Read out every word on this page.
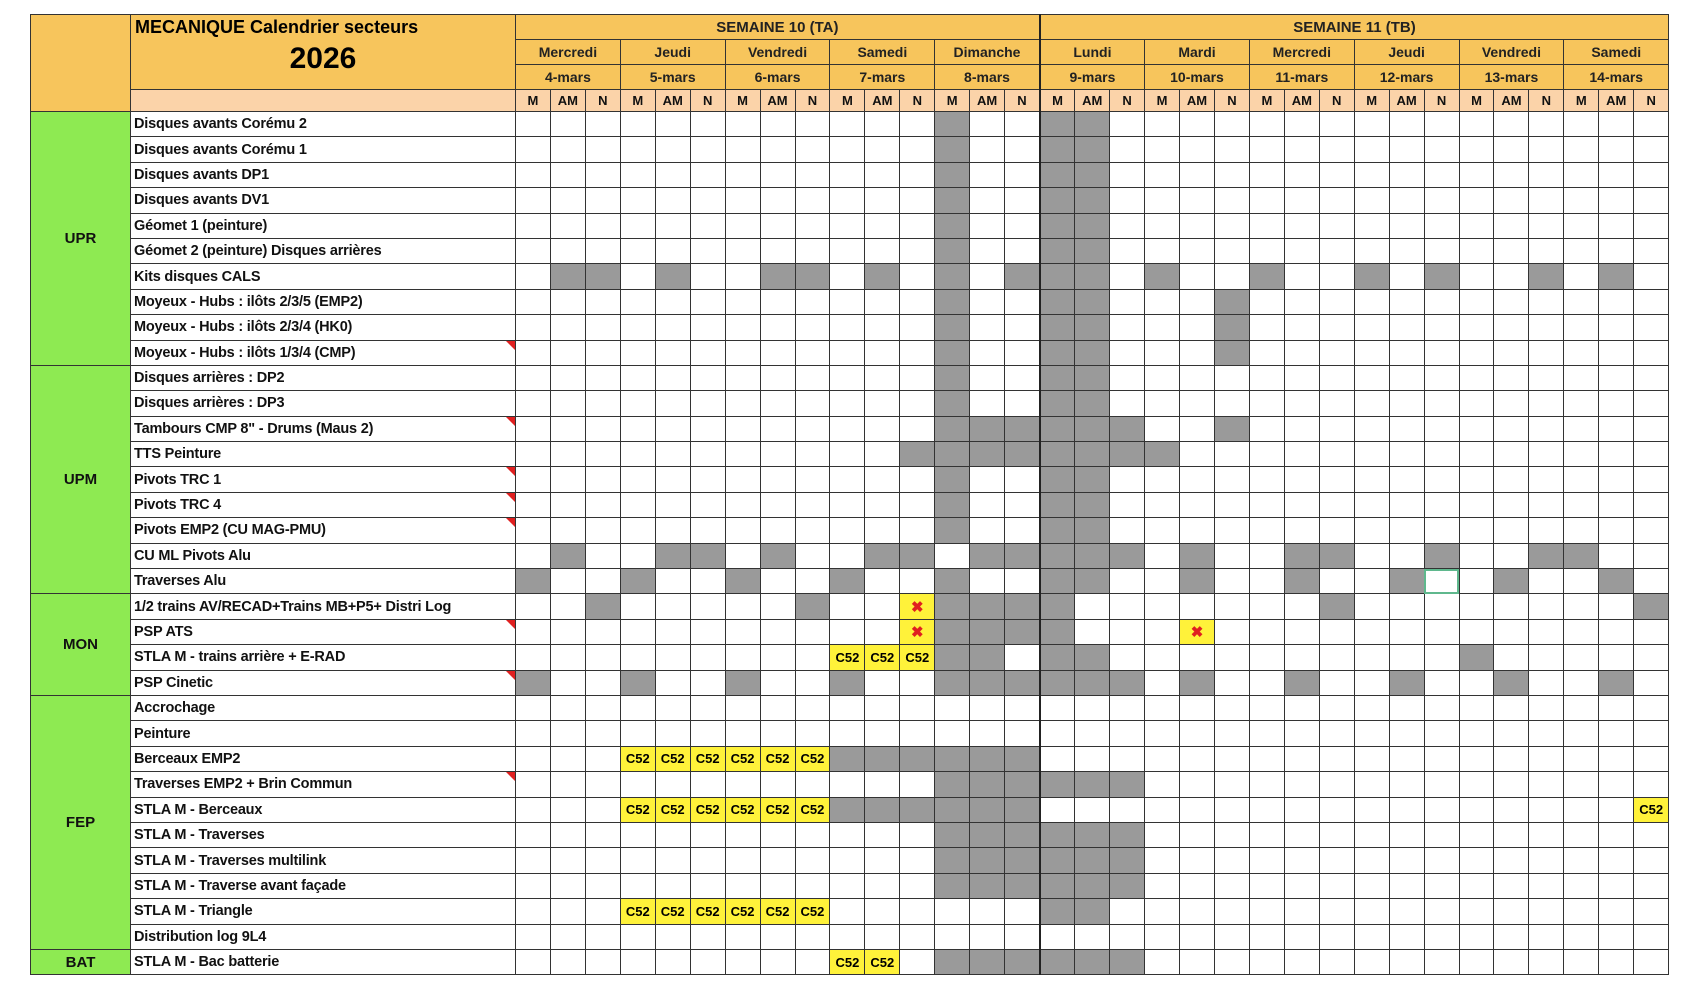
	MECANIQUE Calendrier secteurs
2026	SEMAINE 10 (TA)															SEMAINE 11 (TB)																	
		Mercredi			Jeudi			Vendredi			Samedi			Dimanche			Lundi			Mardi			Mercredi			Jeudi			Vendredi			Samedi		
		4-mars			5-mars			6-mars			7-mars			8-mars			9-mars			10-mars			11-mars			12-mars			13-mars			14-mars		
		M	AM	N	M	AM	N	M	AM	N	M	AM	N	M	AM	N	M	AM	N	M	AM	N	M	AM	N	M	AM	N	M	AM	N	M	AM	N
UPR	Disques avants Corému 2																																	
	Disques avants Corému 1																																	
	Disques avants DP1																																	
	Disques avants DV1																																	
	Géomet 1 (peinture)																																	
	Géomet 2 (peinture) Disques arrières																																	
	Kits disques CALS																																	
	Moyeux - Hubs : ilôts 2/3/5 (EMP2)																																	
	Moyeux - Hubs : ilôts 2/3/4 (HK0)																																	
	Moyeux - Hubs : ilôts 1/3/4 (CMP)																																	
UPM	Disques arrières : DP2																																	
	Disques arrières : DP3																																	
	Tambours CMP 8" - Drums (Maus 2)																																	
	TTS Peinture																																	
	Pivots TRC 1																																	
	Pivots TRC 4																																	
	Pivots EMP2 (CU MAG-PMU)																																	
	CU ML Pivots Alu																																	
	Traverses Alu																																	
MON	1/2 trains AV/RECAD+Trains MB+P5+ Distri Log												✖																					
	PSP ATS												✖								✖													
	STLA M - trains arrière + E-RAD										C52	C52	C52																					
	PSP Cinetic																																	
FEP	Accrochage																																	
	Peinture																																	
	Berceaux EMP2				C52	C52	C52	C52	C52	C52																								
	Traverses EMP2 + Brin Commun																																	
	STLA M - Berceaux				C52	C52	C52	C52	C52	C52																								C52
	STLA M - Traverses																																	
	STLA M - Traverses multilink																																	
	STLA M - Traverse avant façade																																	
	STLA M - Triangle				C52	C52	C52	C52	C52	C52																								
	Distribution log 9L4																																	
BAT	STLA M - Bac batterie										C52	C52																						
